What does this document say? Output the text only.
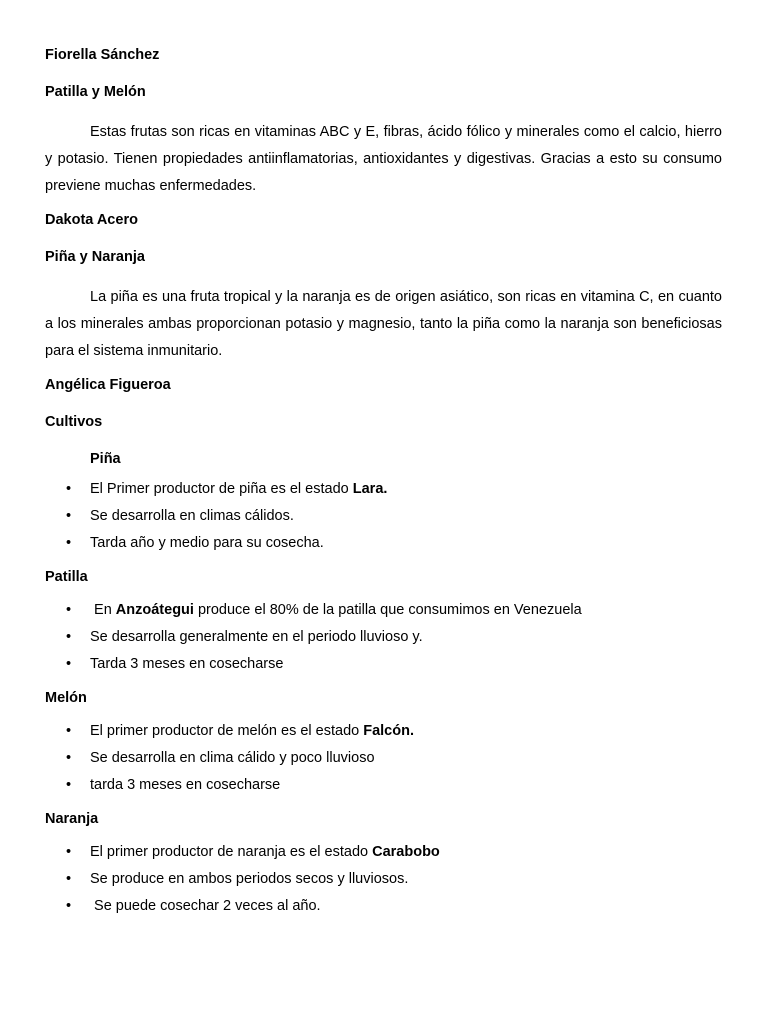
Fiorella Sánchez

Patilla y Melón

Estas frutas son ricas en vitaminas ABC y E, fibras, ácido fólico y minerales como el calcio, hierro y potasio. Tienen propiedades antiinflamatorias, antioxidantes y digestivas. Gracias a esto su consumo previene muchas enfermedades.

Dakota Acero

Piña y Naranja

La piña es una fruta tropical y la naranja es de origen asiático, son ricas en vitamina C, en cuanto a los minerales ambas proporcionan potasio y magnesio, tanto la piña como la naranja son beneficiosas para el sistema inmunitario.

Angélica Figueroa

Cultivos

Piña

• El Primer productor de piña es el estado Lara.
• Se desarrolla en climas cálidos.
• Tarda año y medio para su cosecha.

Patilla

• En Anzoátegui produce el 80% de la patilla que consumimos en Venezuela
• Se desarrolla generalmente en el periodo lluvioso y.
• Tarda 3 meses en cosecharse

Melón

• El primer productor de melón es el estado Falcón.
• Se desarrolla en clima cálido y poco lluvioso
• tarda 3 meses en cosecharse

Naranja

• El primer productor de naranja es el estado Carabobo
• Se produce en ambos periodos secos y lluviosos.
• Se puede cosechar 2 veces al año.
